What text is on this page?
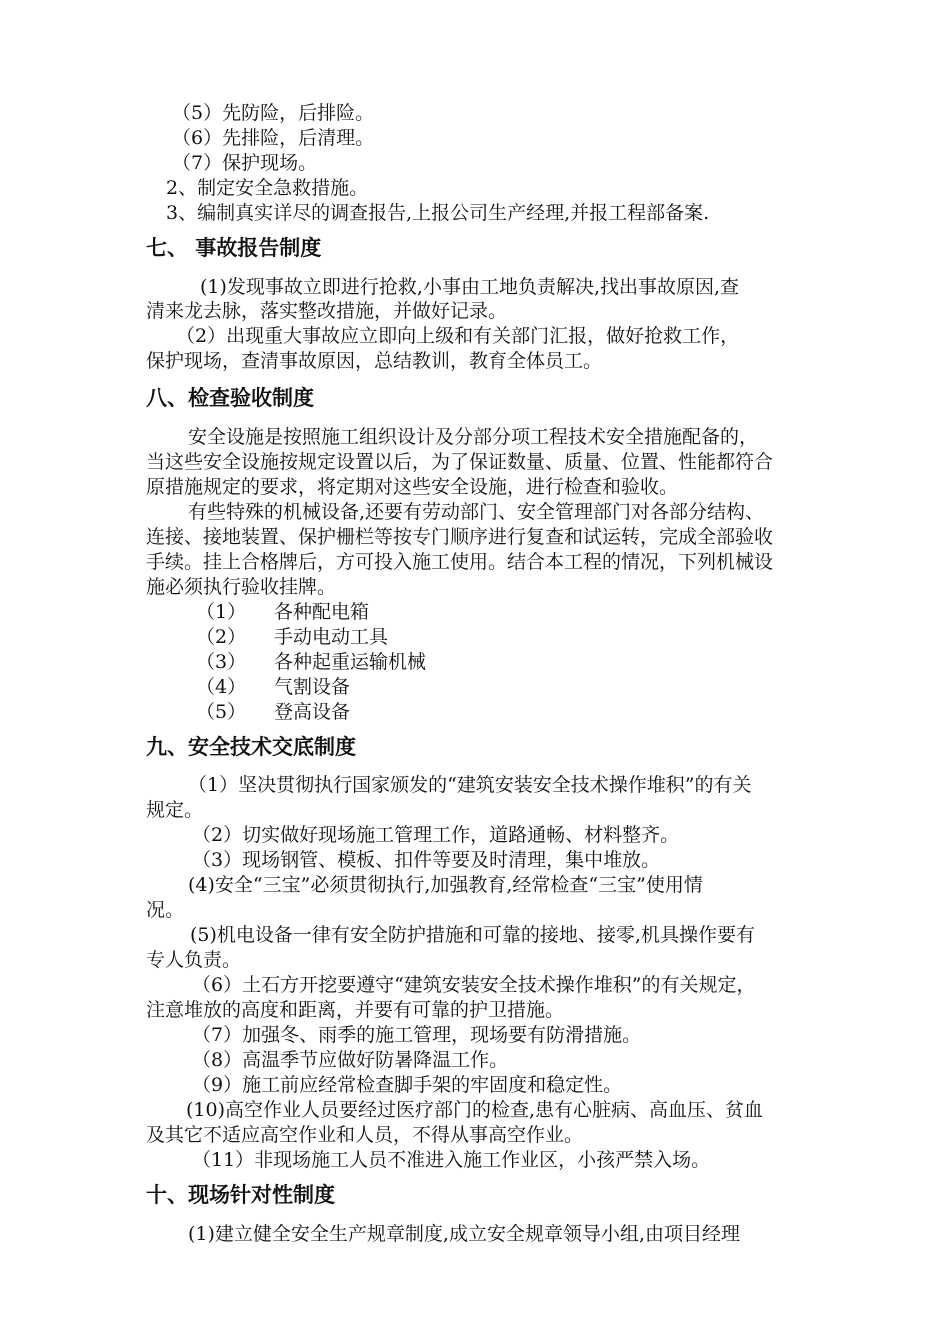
（5）先防险，后排险。
（6）先排险，后清理。
（7）保护现场。
2、制定安全急救措施。
3、编制真实详尽的调查报告,上报公司生产经理,并报工程部备案.
七、 事故报告制度
(1)发现事故立即进行抢救,小事由工地负责解决,找出事故原因,查
清来龙去脉，落实整改措施，并做好记录。
（2）出现重大事故应立即向上级和有关部门汇报，做好抢救工作，
保护现场，查清事故原因，总结教训，教育全体员工。
八、检查验收制度
安全设施是按照施工组织设计及分部分项工程技术安全措施配备的，
当这些安全设施按规定设置以后，为了保证数量、质量、位置、性能都符合
原措施规定的要求，将定期对这些安全设施，进行检查和验收。
有些特殊的机械设备,还要有劳动部门、安全管理部门对各部分结构、
连接、接地装置、保护栅栏等按专门顺序进行复查和试运转，完成全部验收
手续。挂上合格牌后，方可投入施工使用。结合本工程的情况，下列机械设
施必须执行验收挂牌。
（1） 各种配电箱
（2） 手动电动工具
（3） 各种起重运输机械
（4） 气割设备
（5） 登高设备
九、安全技术交底制度
（1）坚决贯彻执行国家颁发的“建筑安装安全技术操作堆积”的有关
规定。
（2）切实做好现场施工管理工作，道路通畅、材料整齐。
（3）现场钢管、模板、扣件等要及时清理，集中堆放。
(4)安全“三宝”必须贯彻执行,加强教育,经常检查“三宝”使用情
况。
(5)机电设备一律有安全防护措施和可靠的接地、接零,机具操作要有
专人负责。
（6）土石方开挖要遵守“建筑安装安全技术操作堆积”的有关规定，
注意堆放的高度和距离，并要有可靠的护卫措施。
（7）加强冬、雨季的施工管理，现场要有防滑措施。
（8）高温季节应做好防暑降温工作。
（9）施工前应经常检查脚手架的牢固度和稳定性。
(10)高空作业人员要经过医疗部门的检查,患有心脏病、高血压、贫血
及其它不适应高空作业和人员，不得从事高空作业。
（11）非现场施工人员不准进入施工作业区，小孩严禁入场。
十、现场针对性制度
(1)建立健全安全生产规章制度,成立安全规章领导小组,由项目经理
